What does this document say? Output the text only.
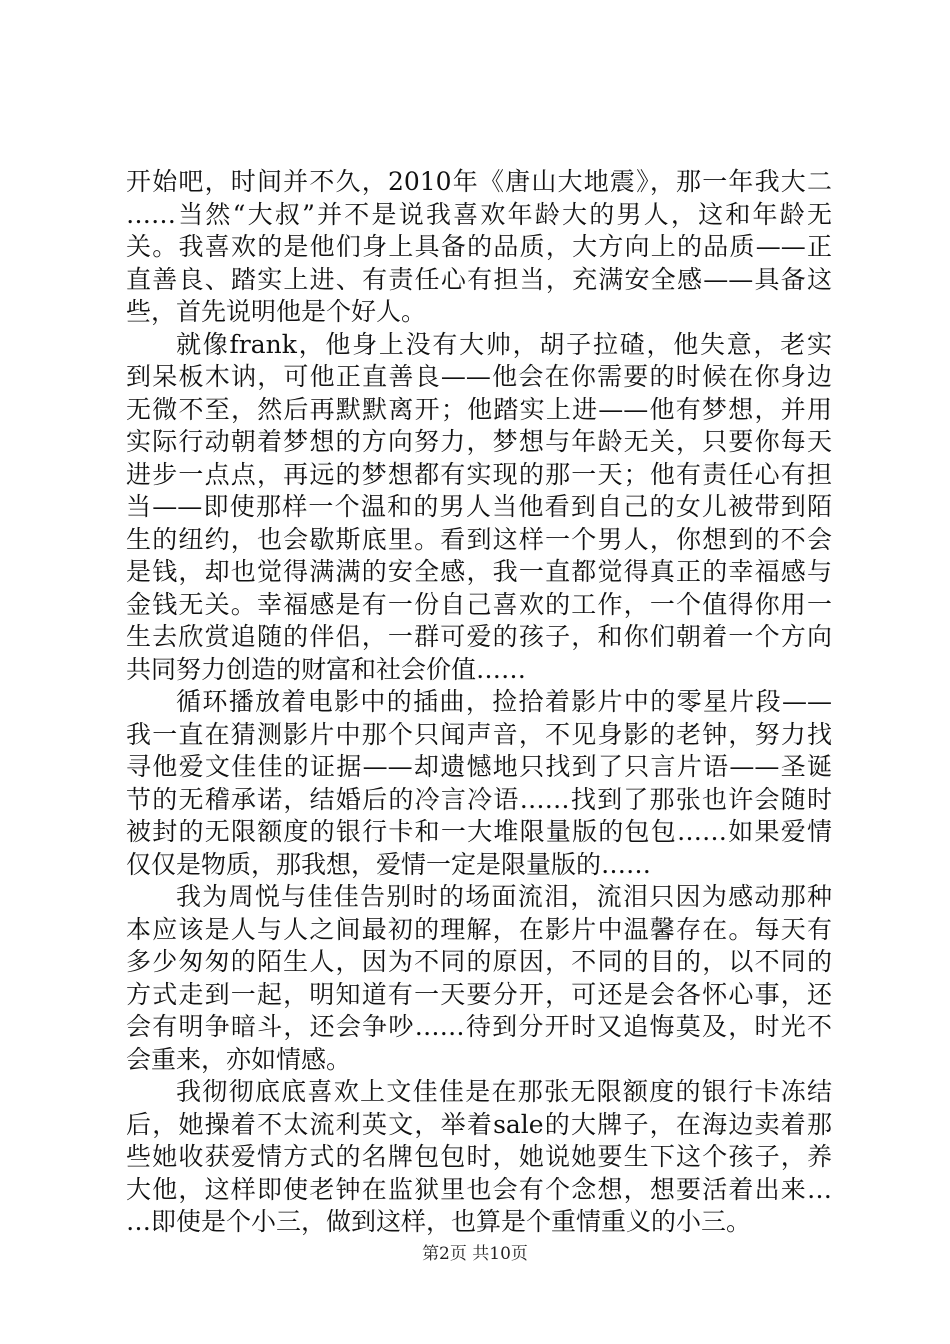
开始吧，时间并不久，2010年《唐山大地震》，那一年我大二
……当然“大叔”并不是说我喜欢年龄大的男人，这和年龄无
关。我喜欢的是他们身上具备的品质，大方向上的品质——正
直善良、踏实上进、有责任心有担当，充满安全感——具备这
些，首先说明他是个好人。
就像frank，他身上没有大帅，胡子拉碴，他失意，老实
到呆板木讷，可他正直善良——他会在你需要的时候在你身边
无微不至，然后再默默离开；他踏实上进——他有梦想，并用
实际行动朝着梦想的方向努力，梦想与年龄无关，只要你每天
进步一点点，再远的梦想都有实现的那一天；他有责任心有担
当——即使那样一个温和的男人当他看到自己的女儿被带到陌
生的纽约，也会歇斯底里。看到这样一个男人，你想到的不会
是钱，却也觉得满满的安全感，我一直都觉得真正的幸福感与
金钱无关。幸福感是有一份自己喜欢的工作，一个值得你用一
生去欣赏追随的伴侣，一群可爱的孩子，和你们朝着一个方向
共同努力创造的财富和社会价值……
循环播放着电影中的插曲，捡拾着影片中的零星片段——
我一直在猜测影片中那个只闻声音，不见身影的老钟，努力找
寻他爱文佳佳的证据——却遗憾地只找到了只言片语——圣诞
节的无稽承诺，结婚后的冷言冷语……找到了那张也许会随时
被封的无限额度的银行卡和一大堆限量版的包包……如果爱情
仅仅是物质，那我想，爱情一定是限量版的……
我为周悦与佳佳告别时的场面流泪，流泪只因为感动那种
本应该是人与人之间最初的理解，在影片中温馨存在。每天有
多少匆匆的陌生人，因为不同的原因，不同的目的，以不同的
方式走到一起，明知道有一天要分开，可还是会各怀心事，还
会有明争暗斗，还会争吵……待到分开时又追悔莫及，时光不
会重来，亦如情感。
我彻彻底底喜欢上文佳佳是在那张无限额度的银行卡冻结
后，她操着不太流利英文，举着sale的大牌子，在海边卖着那
些她收获爱情方式的名牌包包时，她说她要生下这个孩子，养
大他，这样即使老钟在监狱里也会有个念想，想要活着出来…
…即使是个小三，做到这样，也算是个重情重义的小三。
第2页 共10页
